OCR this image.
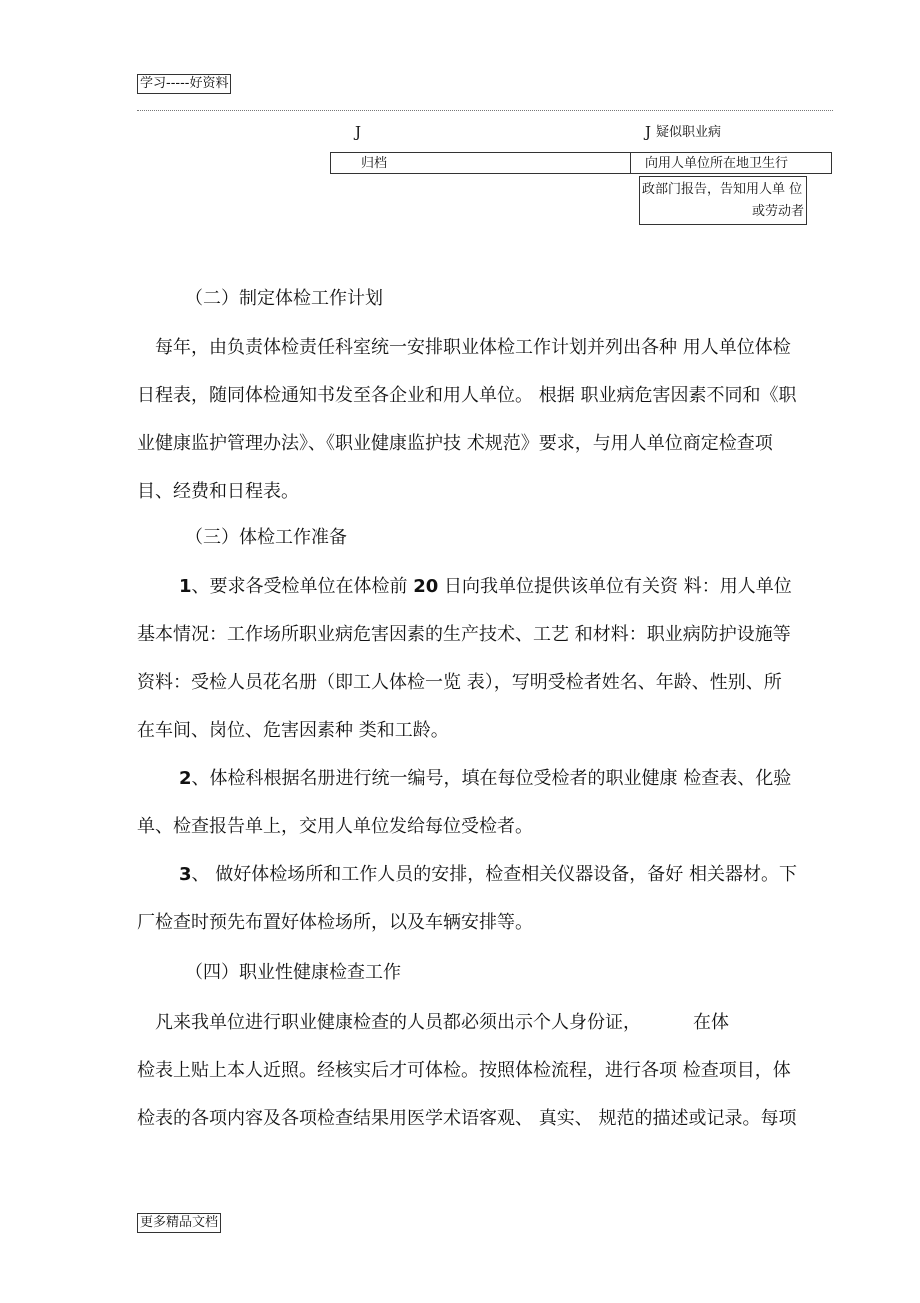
学习-----好资料
J	J 疑似职业病
归档	向用人单位所在地卫生行
政部门报告，告知用人单 位
或劳动者
（二）制定体检工作计划
每年，由负责体检责任科室统一安排职业体检工作计划并列出各种 用人单位体检
日程表，随同体检通知书发至各企业和用人单位。 根据 职业病危害因素不同和《职
业健康监护管理办法》、《职业健康监护技 术规范》要求，与用人单位商定检查项
目、经费和日程表。
（三）体检工作准备
1、要求各受检单位在体检前 20 日向我单位提供该单位有关资 料：用人单位
基本情况：工作场所职业病危害因素的生产技术、工艺 和材料：职业病防护设施等
资料：受检人员花名册（即工人体检一览 表），写明受检者姓名、年龄、性别、所
在车间、岗位、危害因素种 类和工龄。
2、体检科根据名册进行统一编号，填在每位受检者的职业健康 检查表、化验
单、检查报告单上，交用人单位发给每位受检者。
3、 做好体检场所和工作人员的安排，检查相关仪器设备，备好 相关器材。下
厂检查时预先布置好体检场所，以及车辆安排等。
（四）职业性健康检查工作
凡来我单位进行职业健康检查的人员都必须出示个人身份证，	在体
检表上贴上本人近照。经核实后才可体检。按照体检流程，进行各项 检查项目，体
检表的各项内容及各项检查结果用医学术语客观、 真实、 规范的描述或记录。每项
更多精品文档
